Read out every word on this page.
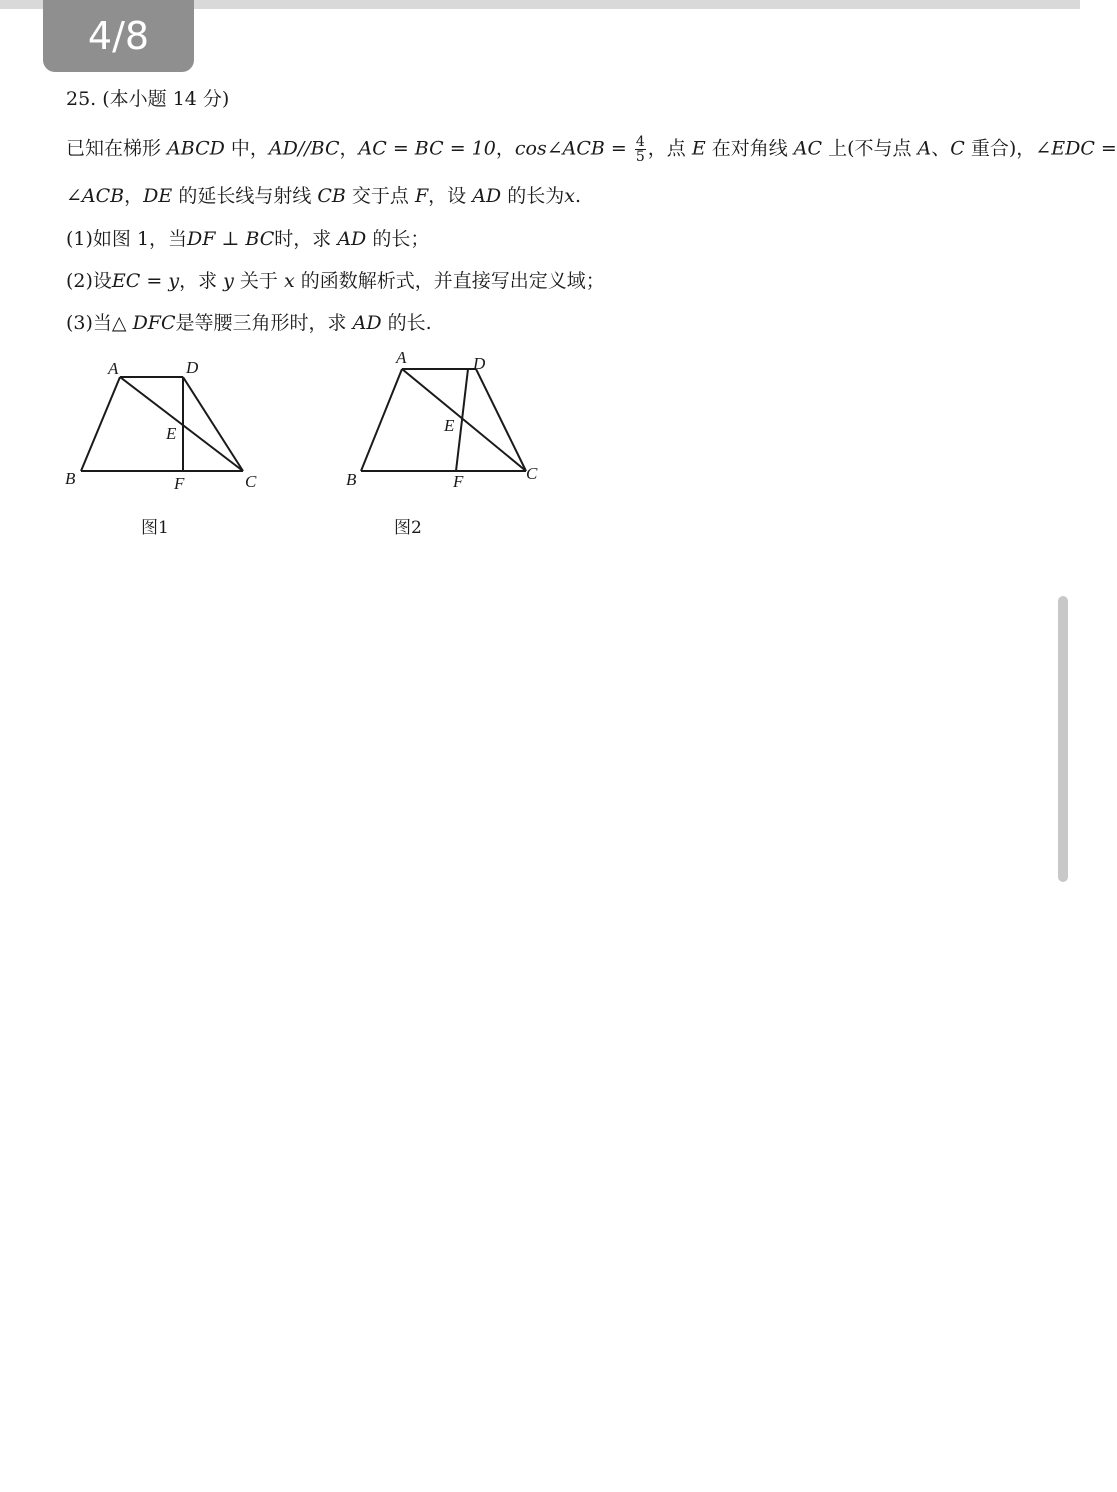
4/8
25. (本小题 14 分)
已知在梯形 ABCD 中，AD//BC，AC = BC = 10，cos∠ACB = $\frac{4}{5}$ ，点 E 在对角线 AC 上(不与点 A、C 重合)，∠EDC =
∠ACB，DE 的延长线与射线 CB 交于点 F，设 AD 的长为x.
(1)如图 1，当DF ⊥ BC时，求 AD 的长；
(2)设EC = y，求 y 关于 x 的函数解析式，并直接写出定义域；
(3)当△ DFC是等腰三角形时，求 AD 的长.
A	D
E
B	F	C
图1
A	D
E
B	F	C
图2
